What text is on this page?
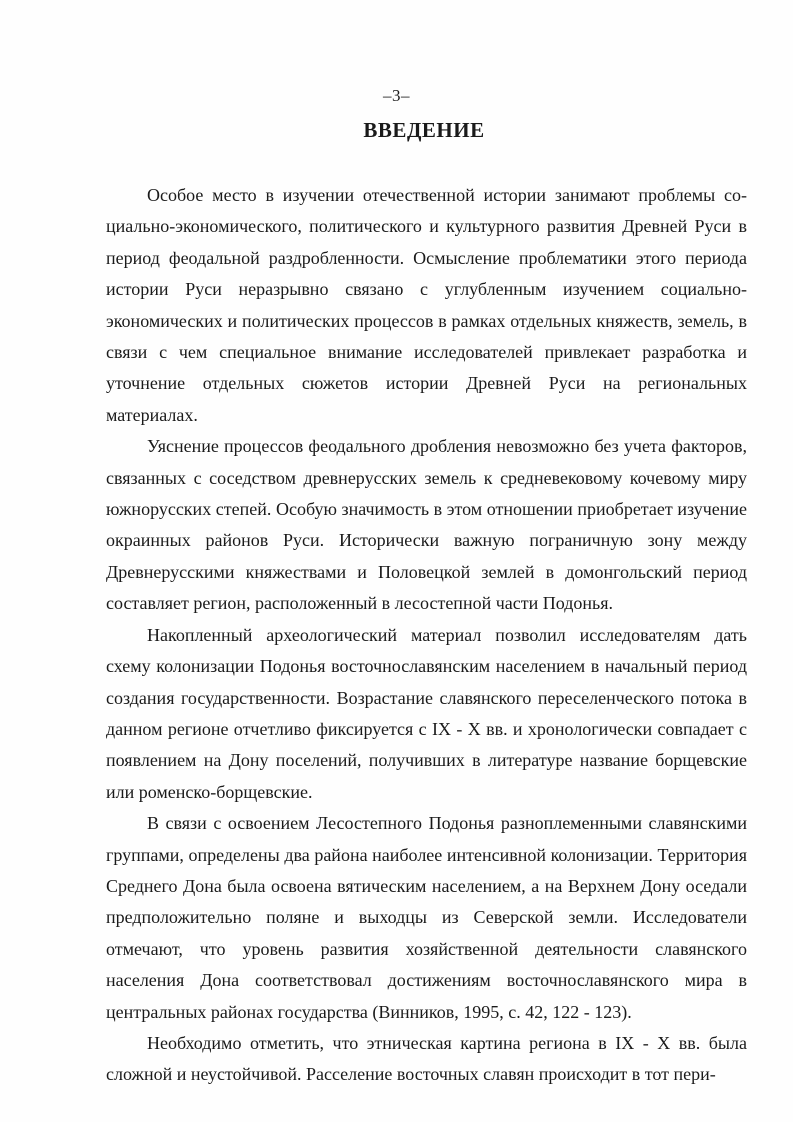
–3–
ВВЕДЕНИЕ

Особое место в изучении отечественной истории занимают проблемы социально-экономического, политического и культурного развития Древней Руси в период феодальной раздробленности. Осмысление проблематики этого периода истории Руси неразрывно связано с углубленным изучением социально-экономических и политических процессов в рамках отдельных княжеств, земель, в связи с чем специальное внимание исследователей привлекает разработка и уточнение отдельных сюжетов истории Древней Руси на региональных материалах.

Уяснение процессов феодального дробления невозможно без учета факторов, связанных с соседством древнерусских земель к средневековому кочевому миру южнорусских степей. Особую значимость в этом отношении приобретает изучение окраинных районов Руси. Исторически важную пограничную зону между Древнерусскими княжествами и Половецкой землей в домонгольский период составляет регион, расположенный в лесостепной части Подонья.

Накопленный археологический материал позволил исследователям дать схему колонизации Подонья восточнославянским населением в начальный период создания государственности. Возрастание славянского переселенческого потока в данном регионе отчетливо фиксируется с IX - X вв. и хронологически совпадает с появлением на Дону поселений, получивших в литературе название борщевские или роменско-борщевские.

В связи с освоением Лесостепного Подонья разноплеменными славянскими группами, определены два района наиболее интенсивной колонизации. Территория Среднего Дона была освоена вятическим населением, а на Верхнем Дону оседали предположительно поляне и выходцы из Северской земли. Исследователи отмечают, что уровень развития хозяйственной деятельности славянского населения Дона соответствовал достижениям восточнославянского мира в центральных районах государства (Винников, 1995, с. 42, 122 - 123).

Необходимо отметить, что этническая картина региона в IX - X вв. была сложной и неустойчивой. Расселение восточных славян происходит в тот пери-
